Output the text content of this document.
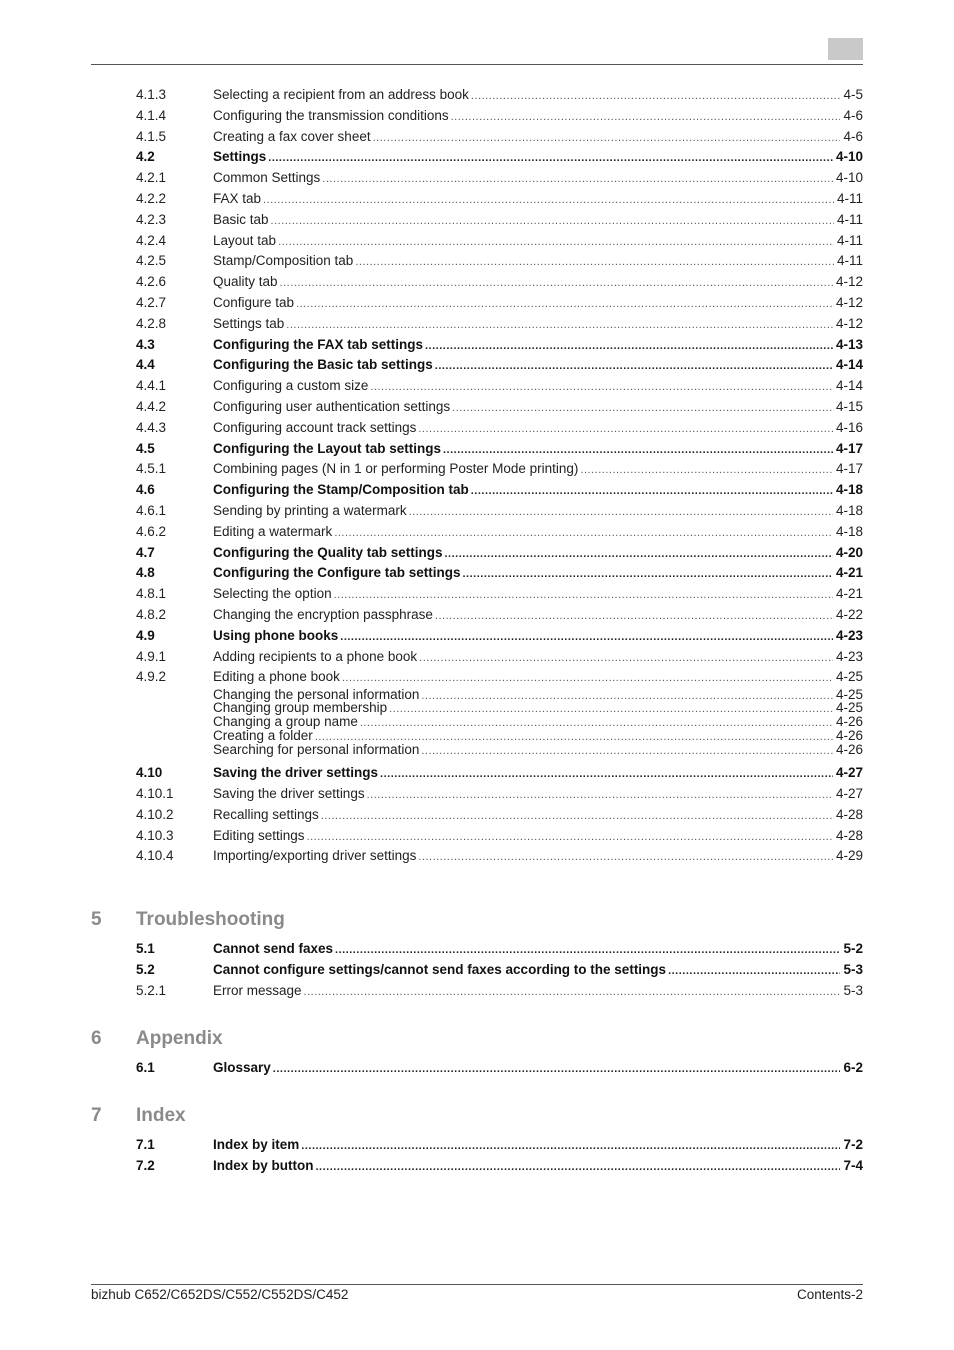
4.1.3	Selecting a recipient from an address book .....	4-5
4.1.4	Configuring the transmission conditions .....	4-6
4.1.5	Creating a fax cover sheet .....	4-6
4.2	Settings .....	4-10
4.2.1	Common Settings .....	4-10
4.2.2	FAX tab .....	4-11
4.2.3	Basic tab .....	4-11
4.2.4	Layout tab .....	4-11
4.2.5	Stamp/Composition tab .....	4-11
4.2.6	Quality tab .....	4-12
4.2.7	Configure tab .....	4-12
4.2.8	Settings tab .....	4-12
4.3	Configuring the FAX tab settings .....	4-13
4.4	Configuring the Basic tab settings .....	4-14
4.4.1	Configuring a custom size .....	4-14
4.4.2	Configuring user authentication settings .....	4-15
4.4.3	Configuring account track settings .....	4-16
4.5	Configuring the Layout tab settings .....	4-17
4.5.1	Combining pages (N in 1 or performing Poster Mode printing) .....	4-17
4.6	Configuring the Stamp/Composition tab .....	4-18
4.6.1	Sending by printing a watermark .....	4-18
4.6.2	Editing a watermark .....	4-18
4.7	Configuring the Quality tab settings .....	4-20
4.8	Configuring the Configure tab settings .....	4-21
4.8.1	Selecting the option .....	4-21
4.8.2	Changing the encryption passphrase .....	4-22
4.9	Using phone books .....	4-23
4.9.1	Adding recipients to a phone book .....	4-23
4.9.2	Editing a phone book .....	4-25
Changing the personal information .....	4-25
Changing group membership .....	4-25
Changing a group name .....	4-26
Creating a folder .....	4-26
Searching for personal information .....	4-26
4.10	Saving the driver settings .....	4-27
4.10.1	Saving the driver settings .....	4-27
4.10.2	Recalling settings .....	4-28
4.10.3	Editing settings .....	4-28
4.10.4	Importing/exporting driver settings .....	4-29
5 Troubleshooting
5.1	Cannot send faxes .....	5-2
5.2	Cannot configure settings/cannot send faxes according to the settings .....	5-3
5.2.1	Error message .....	5-3
6 Appendix
6.1	Glossary .....	6-2
7 Index
7.1	Index by item .....	7-2
7.2	Index by button .....	7-4
bizhub C652/C652DS/C552/C552DS/C452	Contents-2
